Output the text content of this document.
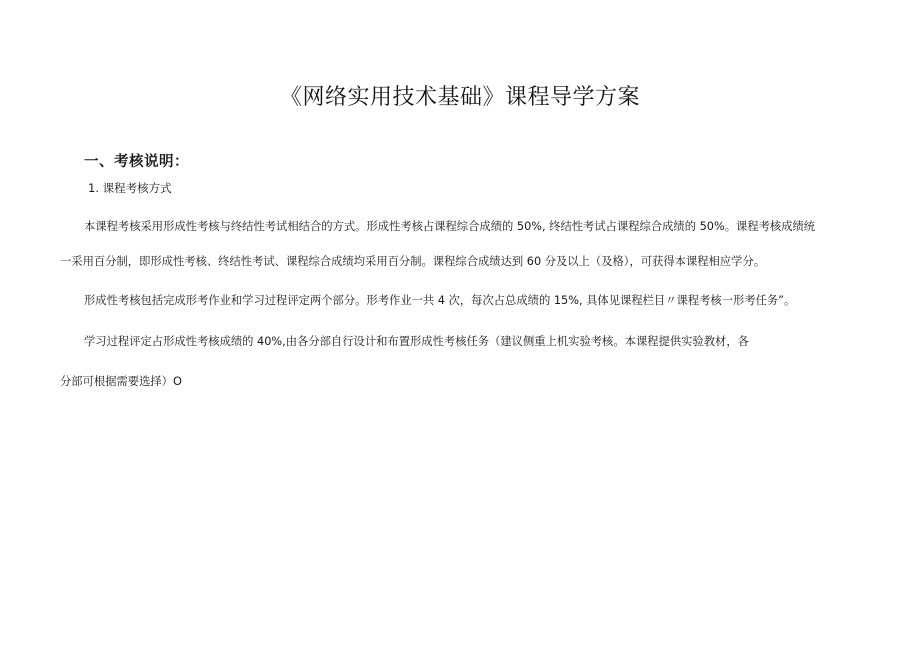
《网络实用技术基础》课程导学方案
一、考核说明：
1. 课程考核方式
本课程考核采用形成性考核与终结性考试相结合的方式。形成性考核占课程综合成绩的 50%, 终结性考试占课程综合成绩的 50%。课程考核成绩统
一采用百分制，即形成性考核、终结性考试、课程综合成绩均采用百分制。课程综合成绩达到 60 分及以上（及格），可获得本课程相应学分。
形成性考核包括完成形考作业和学习过程评定两个部分。形考作业一共 4 次，每次占总成绩的 15%, 具体见课程栏目〃课程考核一形考任务”。
学习过程评定占形成性考核成绩的 40%,由各分部自行设计和布置形成性考核任务（建议侧重上机实验考核。本课程提供实验教材，各
分部可根据需要选择）O
